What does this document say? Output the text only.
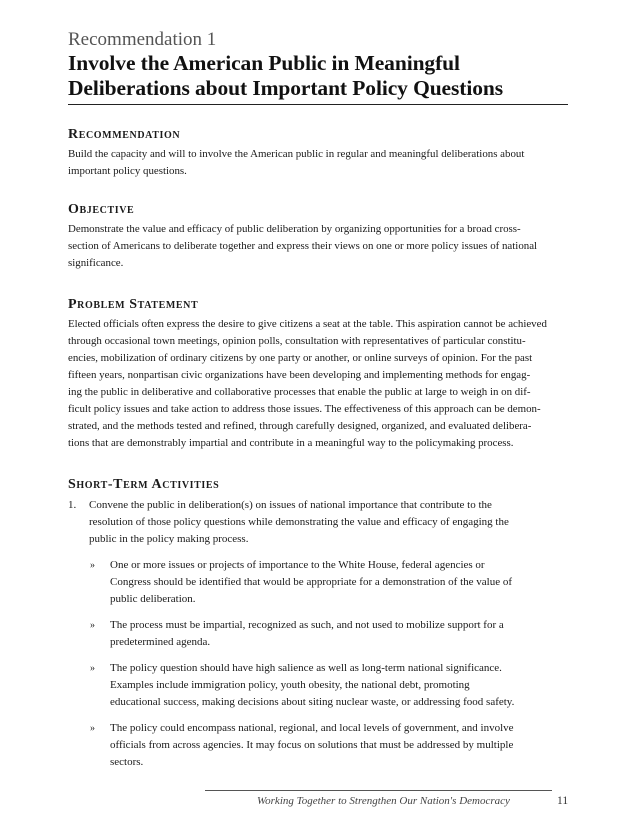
Recommendation 1

Involve the American Public in Meaningful
Deliberations about Important Policy Questions
Recommendation

Build the capacity and will to involve the American public in regular and meaningful deliberations about
important policy questions.

Objective

Demonstrate the value and efficacy of public deliberation by organizing opportunities for a broad cross-
section of Americans to deliberate together and express their views on one or more policy issues of national
significance.

Problem Statement

Elected officials often express the desire to give citizens a seat at the table. This aspiration cannot be achieved
through occasional town meetings, opinion polls, consultation with representatives of particular constitu-
encies, mobilization of ordinary citizens by one party or another, or online surveys of opinion. For the past
fifteen years, nonpartisan civic organizations have been developing and implementing methods for engag-
ing the public in deliberative and collaborative processes that enable the public at large to weigh in on dif-
ficult policy issues and take action to address those issues. The effectiveness of this approach can be demon-
strated, and the methods tested and refined, through carefully designed, organized, and evaluated delibera-
tions that are demonstrably impartial and contribute in a meaningful way to the policymaking process.

Short-Term Activities
1. Convene the public in deliberation(s) on issues of national importance that contribute to the
resolution of those policy questions while demonstrating the value and efficacy of engaging the
public in the policy making process.
» One or more issues or projects of importance to the White House, federal agencies or
Congress should be identified that would be appropriate for a demonstration of the value of
public deliberation.
» The process must be impartial, recognized as such, and not used to mobilize support for a
predetermined agenda.
» The policy question should have high salience as well as long-term national significance.
Examples include immigration policy, youth obesity, the national debt, promoting
educational success, making decisions about siting nuclear waste, or addressing food safety.
» The policy could encompass national, regional, and local levels of government, and involve
officials from across agencies. It may focus on solutions that must be addressed by multiple
sectors.
Working Together to Strengthen Our Nation's Democracy	11
